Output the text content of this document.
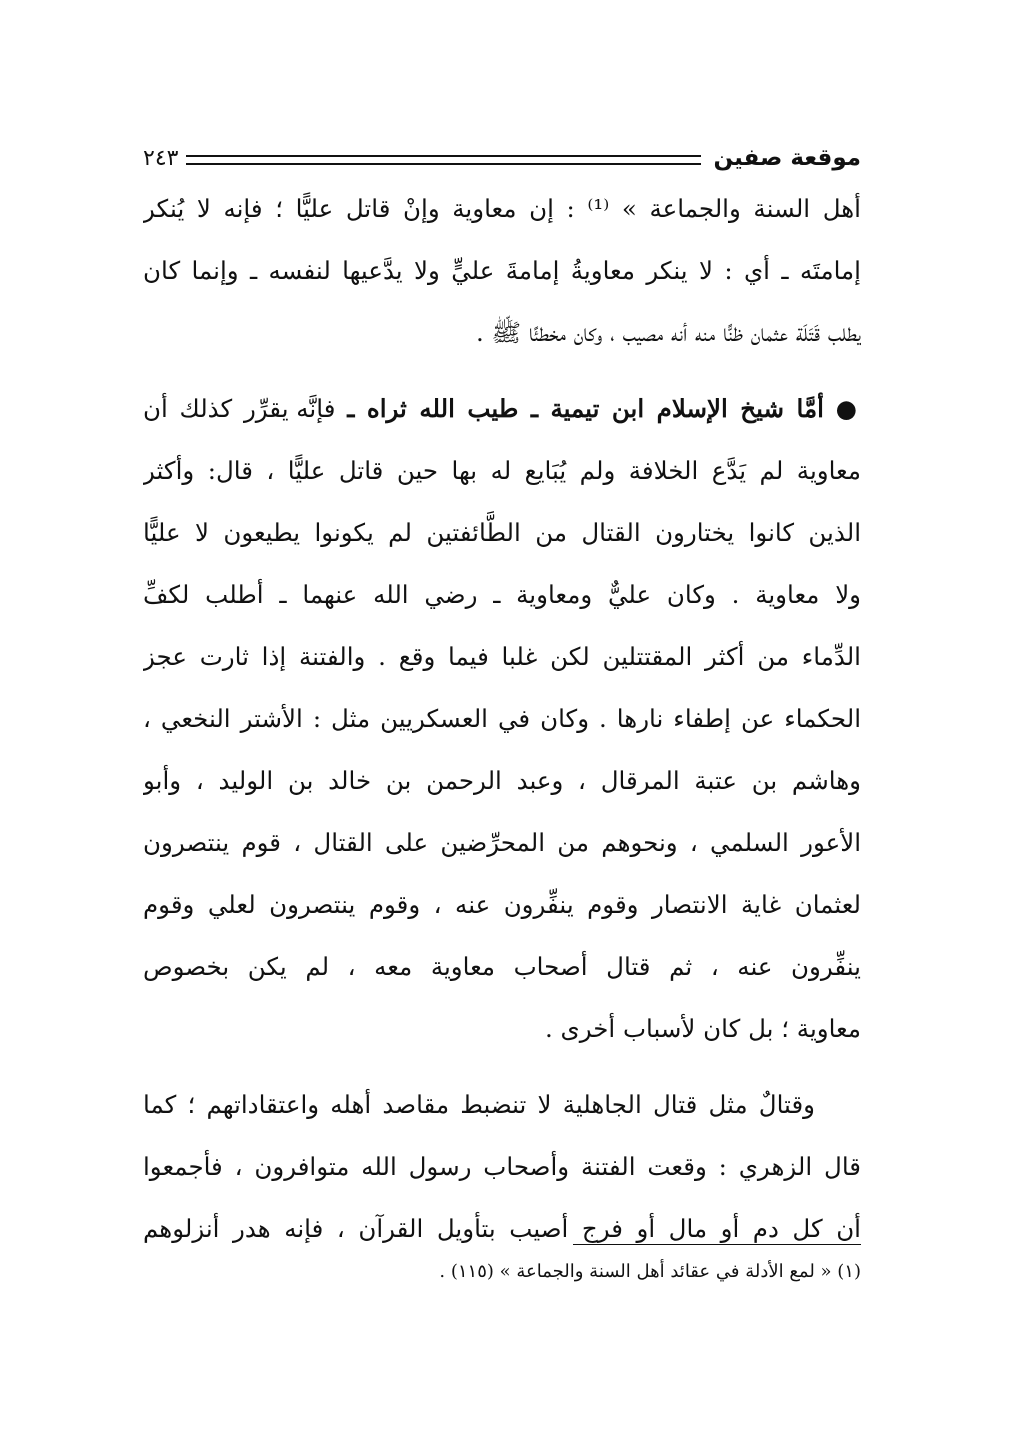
موقعة صفين
٢٤٣
أهل السنة والجماعة » ⁽¹⁾ : إن معاوية وإنْ قاتل عليًّا ؛ فإنه لا يُنكر
إمامتَه ـ أي : لا ينكر معاويةُ إمامةَ عليٍّ ولا يدَّعيها لنفسه ـ وإنما كان
يطلب قَتَلَة عثمان ظنًّا منه أنه مصيب ، وكان مخطئًا ﷺ .
● أمَّا شيخ الإسلام ابن تيمية ـ طيب الله ثراه ـ فإنَّه يقرِّر كذلك أن
معاوية لم يَدَّع الخلافة ولم يُبَايع له بها حين قاتل عليًّا ، قال: وأكثر
الذين كانوا يختارون القتال من الطَّائفتين لم يكونوا يطيعون لا عليًّا
ولا معاوية . وكان عليٌّ ومعاوية ـ رضي الله عنهما ـ أطلب لكفِّ
الدِّماء من أكثر المقتتلين لكن غلبا فيما وقع . والفتنة إذا ثارت عجز
الحكماء عن إطفاء نارها . وكان في العسكريين مثل : الأشتر النخعي ،
وهاشم بن عتبة المرقال ، وعبد الرحمن بن خالد بن الوليد ، وأبو
الأعور السلمي ، ونحوهم من المحرِّضين على القتال ، قوم ينتصرون
لعثمان غاية الانتصار وقوم ينفِّرون عنه ، وقوم ينتصرون لعلي وقوم
ينفِّرون عنه ، ثم قتال أصحاب معاوية معه ، لم يكن بخصوص
معاوية ؛ بل كان لأسباب أخرى .
وقتالٌ مثل قتال الجاهلية لا تنضبط مقاصد أهله واعتقاداتهم ؛ كما
قال الزهري : وقعت الفتنة وأصحاب رسول الله متوافرون ، فأجمعوا
أن كل دم أو مال أو فرج أصيب بتأويل القرآن ، فإنه هدر أنزلوهم
(١) « لمع الأدلة في عقائد أهل السنة والجماعة » (١١٥) .
